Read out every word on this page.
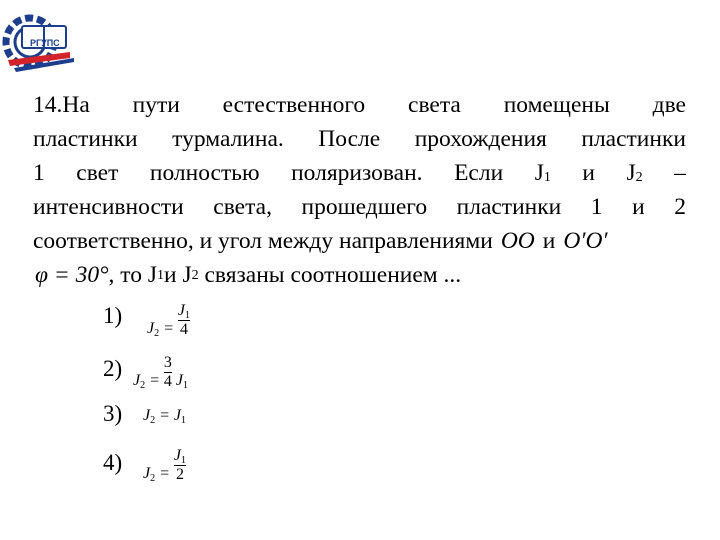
РГУПС
14.На пути естественного света помещены две
пластинки турмалина. После прохождения пластинки
1 свет полностью поляризован. Если J1 и J2 –
интенсивности света, прошедшего пластинки 1 и 2
соответственно, и угол между направлениями OO и O′O′
φ = 30° , то J 1 и J 2 связаны соотношением ...
1)
$J2 = \frac{J1}{4}$
2) $J2 = \frac{3}{4} J1$
3) J2 = J1
4) $J2 = \frac{J1}{2}$
